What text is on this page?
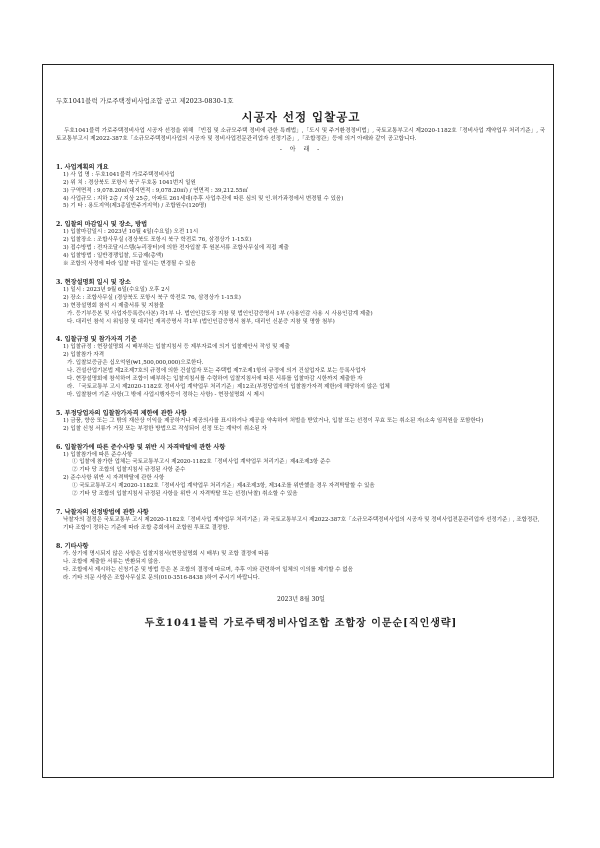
두호1041블럭 가로주택정비사업조합 공고 제2023-0830-1호
시공자 선정 입찰공고

두호1041블럭 가로주택정비사업 시공자 선정을 위해 「빈집 및 소규모주택 정비에 관한 특례법」,「도시 및 주거환경정비법」, 국토교통부고시 제2020-1182호「정비사업 계약업무 처리기준」, 국토교통부고시 제2022-387호「소규모주택정비사업의 시공자 및 정비사업전문관리업자 선정기준」,「조합정관」등에 의거 아래와 같이 공고합니다.

- 아 래 -
1. 사업계획의 개요
1) 사 업 명 : 두호1041블럭 가로주택정비사업
2) 위 치 : 경상북도 포항시 북구 두호동 1041번지 일원
3) 구역면적 : 9,078.20㎡(대지면적 : 9,078.20㎡) / 연면적 : 39,212.55㎡
4) 사업규모 : 지하 2층 / 지상 25층, 아파트 261세대(추후 사업추진에 따른 심의 및 인.허가과정에서 변경될 수 있음)
5) 기 타 : 용도지역(제3종일반주거지역) / 조합원수(120명)
2. 입찰의 마감일시 및 장소, 방법
1) 입찰마감일시 : 2023년 10월 4일(수요일) 오전 11시
2) 입찰장소 : 조합사무실 (경상북도 포항시 북구 학전로 76, 삼경상가 1-15호)
3) 접수방법 : 전자조달시스템(누리장터)에 의한 전자입찰 후 원본서류 조합사무실에 직접 제출
4) 입찰방법 : 일반경쟁입찰, 도급제(총액)
※ 조합의 사정에 따라 입찰 마감 일시는 변경될 수 있음
3. 현장설명회 일시 및 장소
1) 일시 : 2023년 9월 6일(수요일) 오후 2시
2) 장소 : 조합사무실 (경상북도 포항시 북구 학전로 76, 삼경상가 1-15호)
3) 현장설명회 참석 시 제출서류 및 지참물
가. 등기부등본 및 사업자등록증(사본) 각1부 나. 법인인감도장 지참 및 법인인감증명서 1부 (사용인감 사용 시 사용인감계 제출)
다. 대리인 참석 시 위임장 및 대리인 재직증명서 각1부 (법인인감증명서 첨부, 대리인 신분증 지참 및 명함 첨부)
4. 입찰규정 및 참가자격 기준
1) 입찰규정 : 현장설명회 시 배부하는 입찰지침서 등 제부자료에 의거 입찰제안서 작성 및 제출
2) 입찰참가 자격
가. 입찰보증금은 십오억원(₩1,500,000,000)으로한다.
나. 건설산업기본법 제2조제7호의 규정에 의한 건설업자 또는 주택법 제7조제1항의 규정에 의거 건설업자로 보는 등록사업자
다. 현장설명회에 참석하여 조합이 배부하는 입찰지침서를 수령하여 입찰지침서에 따른 서류를 입찰마감 시한까지 제출한 자
라. 「국토교통부 고시 제2020-1182호 정비사업 계약업무 처리기준」제12조(부정당업자의 입찰참가자격 제한)에 해당하지 않은 업체
마. 입찰참여 기준 사항(그 밖에 사업시행자등이 정하는 사항) - 현장설명회 시 제시
5. 부정당업자의 입찰참가자격 제한에 관한 사항
1) 금품, 향응 또는 그 밖의 재산상 이익을 제공하거나 제공의사를 표시하거나 제공을 약속하여 처벌을 받았거나, 입찰 또는 선정이 무효 또는 취소된 자(소속 임직원을 포함한다)
2) 입찰 신청 서류가 거짓 또는 부정한 방법으로 작성되어 선정 또는 계약이 취소된 자
6. 입찰참가에 따른 준수사항 및 위반 시 자격박탈에 관한 사항
1) 입찰참가에 따른 준수사항
① 입찰에 참가한 업체는 국토교통부고시 제2020-1182호「정비사업 계약업무 처리기준」제4조제3항 준수
② 기타 당 조합의 입찰지침서 규정된 사항 준수
2) 준수사항 위반 시 자격박탈에 관한 사항
① 국토교통부고시 제2020-1182호「정비사업 계약업무 처리기준」제4조제3항, 제34조를 위반했을 경우 자격박탈할 수 있음
② 기타 당 조합의 입찰지침서 규정된 사항을 위반 시 자격박탈 또는 선정(낙찰) 취소할 수 있음
7. 낙찰자의 선정방법에 관한 사항
낙찰자의 결정은 국토교통부 고시 제2020-1182호「정비사업 계약업무 처리기준」과 국토교통부고시 제2022-387호「소규모주택정비사업의 시공자 및 정비사업전문관리업자 선정기준」, 조합정관, 기타 조합이 정하는 기준에 따라 조합 총회에서 조합원 투표로 결정함.
8. 기타사항
가. 상기에 명시되지 않은 사항은 입찰지침서(현장설명회 시 배부) 및 조합 결정에 따름
나. 조합에 제출한 서류는 반환되지 않음.
다. 조합에서 제시하는 신청기준 및 방법 등은 본 조합의 결정에 따르며, 추후 이와 관련하여 일체의 이의를 제기할 수 없음
라. 기타 의문 사항은 조합사무실로 문의(010-3516-8438 )하여 주시기 바랍니다.
2023년 8월 30일
두호1041블럭 가로주택정비사업조합 조합장 이문순[직인생략]
